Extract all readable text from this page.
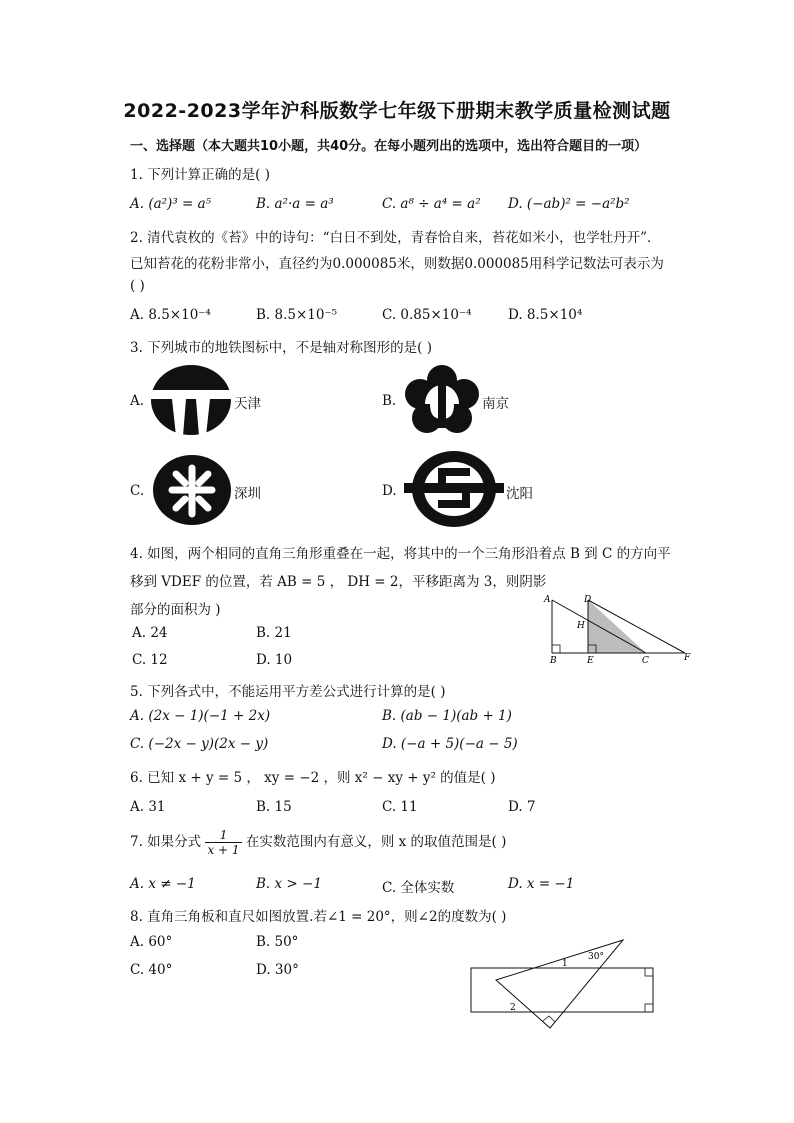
2022-2023学年沪科版数学七年级下册期末教学质量检测试题
一、选择题（本大题共10小题，共40分。在每小题列出的选项中，选出符合题目的一项）
1. 下列计算正确的是( )
A. (a²)³ = a⁵	B. a²·a = a³	C. a⁸ ÷ a⁴ = a² D. (−ab)² = −a²b²
2. 清代袁枚的《苔》中的诗句：“白日不到处，青春恰自来，苔花如米小，也学牡丹开”．
已知苔花的花粉非常小，直径约为0.000085米，则数据0.000085用科学记数法可表示为
( )
A. 8.5×10⁻⁴	B. 8.5×10⁻⁵	C. 0.85×10⁻⁴	D. 8.5×10⁴
3. 下列城市的地铁图标中，不是轴对称图形的是( )
A.	天津	B.	南京
C.	深圳	D.	沈阳
4. 如图，两个相同的直角三角形重叠在一起，将其中的一个三角形沿着点 B 到 C 的方向平
移到 VDEF 的位置，若 AB = 5 ， DH = 2，平移距离为 3，则阴影
部分的面积为 )
A. 24	B. 21
C. 12	D. 10
A
B	C
D
E	F
H
5. 下列各式中，不能运用平方差公式进行计算的是( )
A. (2x − 1)(−1 + 2x)	B. (ab − 1)(ab + 1)
C. (−2x − y)(2x − y)	D. (−a + 5)(−a − 5)
6. 已知 x + y = 5 ， xy = −2 ，则 x² − xy + y² 的值是( )
A. 31	B. 15	C. 11	D. 7
7. 如果分式 $\frac{1}{x + 1}$ 在实数范围内有意义，则 x 的取值范围是( )
A. x ≠ −1	B. x > −1	C. 全体实数	D. x = −1
8. 直角三角板和直尺如图放置.若∠1 = 20°，则∠2的度数为( )
A. 60°	B. 50°
C. 40°	D. 30°
30°
1
2
